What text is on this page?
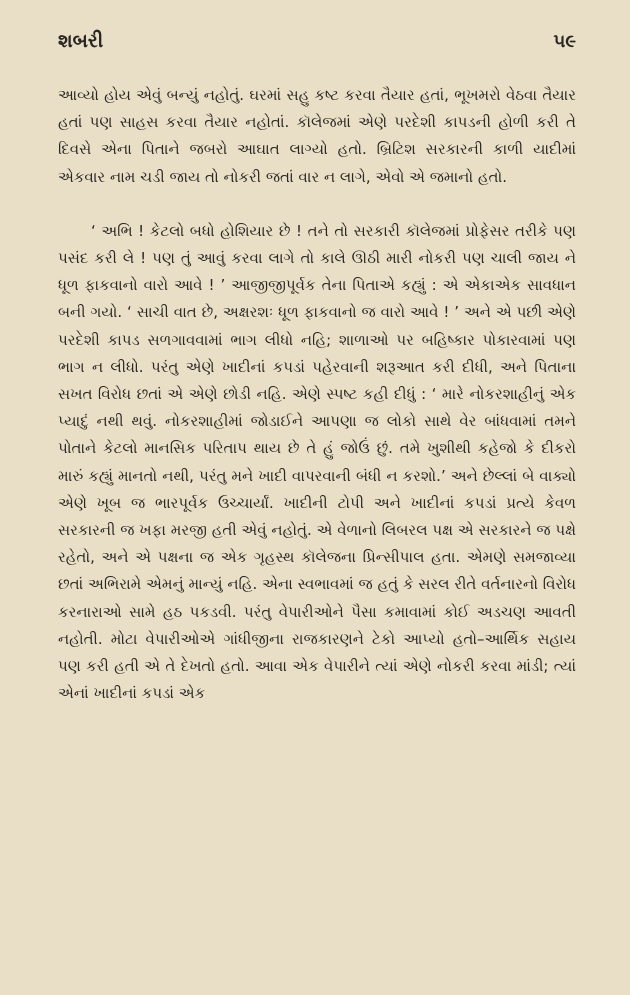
શબરી	૫૯

આવ્યો હોય એવું બન્યું નહોતું. ઘરમાં સહુ કષ્ટ કરવા તૈયાર હતાં, ભૂખમરો વેઠવા તૈયાર હતાં પણ સાહસ કરવા તૈયાર નહોતાં. કૉલેજમાં એણે પરદેશી કાપડની હોળી કરી તે દિવસે એના પિતાને જબરો આઘાત લાગ્યો હતો. બ્રિટિશ સરકારની કાળી યાદીમાં એકવાર નામ ચડી જાય તો નોકરી જતાં વાર ન લાગે, એવો એ જમાનો હતો.

‘ અભિ ! કેટલો બધો હોશિયાર છે ! તને તો સરકારી કૉલેજમાં પ્રોફેસર તરીકે પણ પસંદ કરી લે ! પણ તું આવું કરવા લાગે તો કાલે ઊઠી મારી નોકરી પણ ચાલી જાય ને ધૂળ ફાકવાનો વારો આવે ! ’ આજીજીપૂર્વક તેના પિતાએ કહ્યું : એ એકાએક સાવધાન બની ગયો. ‘ સાચી વાત છે, અક્ષરશઃ ધૂળ ફાકવાનો જ વારો આવે ! ’ અને એ પછી એણે પરદેશી કાપડ સળગાવવામાં ભાગ લીધો નહિ; શાળાઓ પર બહિષ્કાર પોકારવામાં પણ ભાગ ન લીધો. પરંતુ એણે ખાદીનાં કપડાં પહેરવાની શરૂઆત કરી દીધી, અને પિતાના સખત વિરોધ છતાં એ એણે છોડી નહિ. એણે સ્પષ્ટ કહી દીધું : ‘ મારે નોકરશાહીનું એક પ્યાદું નથી થવું. નોકરશાહીમાં જોડાઈને આપણા જ લોકો સાથે વેર બાંધવામાં તમને પોતાને કેટલો માનસિક પરિતાપ થાય છે તે હું જોઉં છું. તમે ખુશીથી કહેજો કે દીકરો મારું કહ્યું માનતો નથી, પરંતુ મને ખાદી વાપરવાની બંધી ન કરશો.’ અને છેલ્લાં બે વાક્યો એણે ખૂબ જ ભારપૂર્વક ઉચ્ચાર્યાં. ખાદીની ટોપી અને ખાદીનાં કપડાં પ્રત્યે કેવળ સરકારની જ ખફા મરજી હતી એવું નહોતું. એ વેળાનો લિબરલ પક્ષ એ સરકારને જ પક્ષે રહેતો, અને એ પક્ષના જ એક ગૃહસ્થ કૉલેજના પ્રિન્સીપાલ હતા. એમણે સમજાવ્યા છતાં અભિરામે એમનું માન્યું નહિ. એના સ્વભાવમાં જ હતું કે સરલ રીતે વર્તનારનો વિરોધ કરનારાઓ સામે હઠ પકડવી. પરંતુ વેપારીઓને પૈસા કમાવામાં કોઈ અડચણ આવતી નહોતી. મોટા વેપારીઓએ ગાંધીજીના રાજકારણને ટેકો આપ્યો હતો–આર્થિક સહાય પણ કરી હતી એ તે દેખતો હતો. આવા એક વેપારીને ત્યાં એણે નોકરી કરવા માંડી; ત્યાં એનાં ખાદીનાં કપડાં એક
